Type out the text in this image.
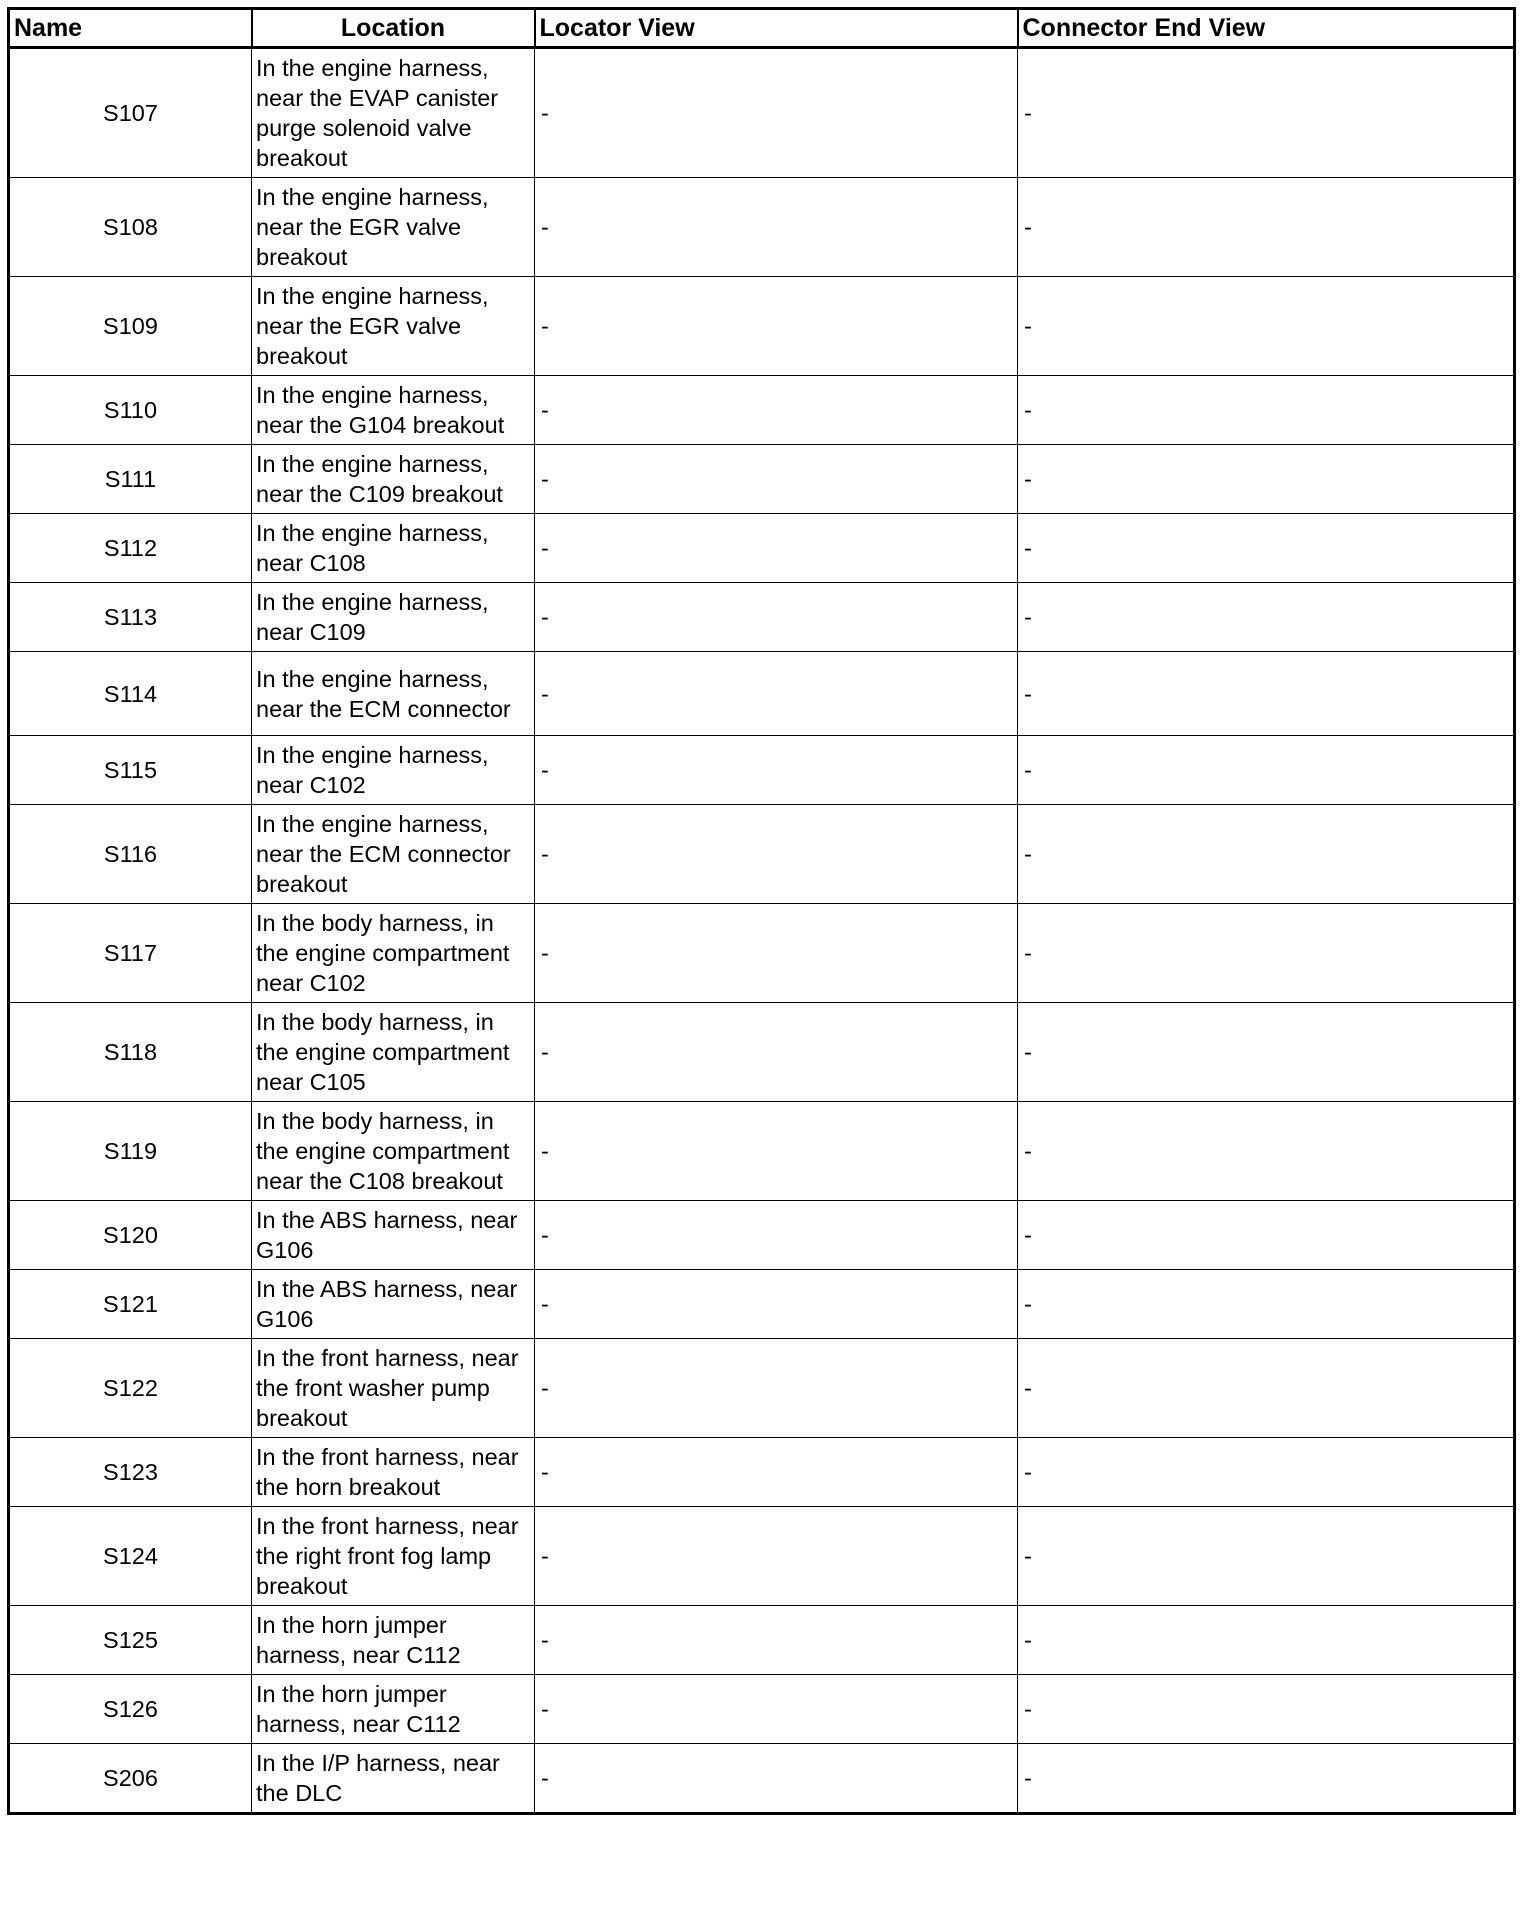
Name	Location	Locator View	Connector End View
S107	In the engine harness, near the EVAP canister purge solenoid valve breakout	-	-
S108	In the engine harness, near the EGR valve breakout	-	-
S109	In the engine harness, near the EGR valve breakout	-	-
S110	In the engine harness, near the G104 breakout	-	-
S111	In the engine harness, near the C109 breakout	-	-
S112	In the engine harness, near C108	-	-
S113	In the engine harness, near C109	-	-
S114	In the engine harness, near the ECM connector	-	-
S115	In the engine harness, near C102	-	-
S116	In the engine harness, near the ECM connector breakout	-	-
S117	In the body harness, in the engine compartment near C102	-	-
S118	In the body harness, in the engine compartment near C105	-	-
S119	In the body harness, in the engine compartment near the C108 breakout	-	-
S120	In the ABS harness, near G106	-	-
S121	In the ABS harness, near G106	-	-
S122	In the front harness, near the front washer pump breakout	-	-
S123	In the front harness, near the horn breakout	-	-
S124	In the front harness, near the right front fog lamp breakout	-	-
S125	In the horn jumper harness, near C112	-	-
S126	In the horn jumper harness, near C112	-	-
S206	In the I/P harness, near the DLC	-	-
